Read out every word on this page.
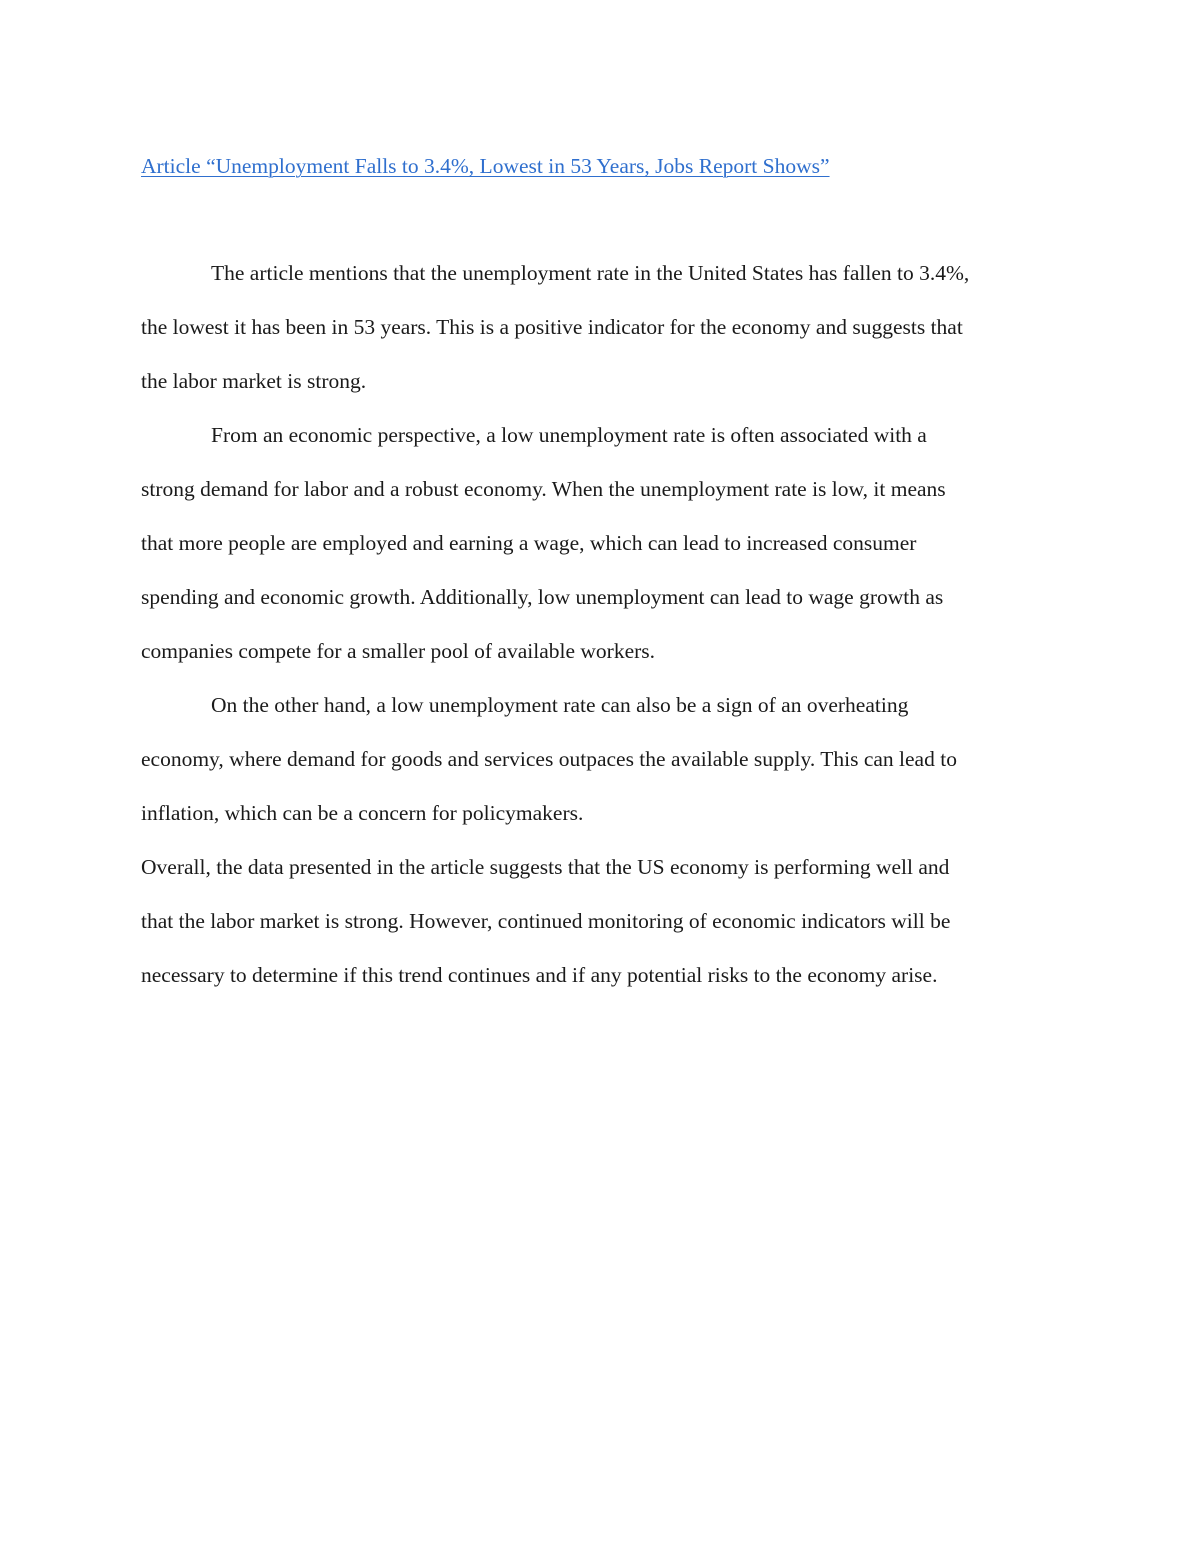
Article “Unemployment Falls to 3.4%, Lowest in 53 Years, Jobs Report Shows”

The article mentions that the unemployment rate in the United States has fallen to 3.4%,
the lowest it has been in 53 years. This is a positive indicator for the economy and suggests that
the labor market is strong.

From an economic perspective, a low unemployment rate is often associated with a
strong demand for labor and a robust economy. When the unemployment rate is low, it means
that more people are employed and earning a wage, which can lead to increased consumer
spending and economic growth. Additionally, low unemployment can lead to wage growth as
companies compete for a smaller pool of available workers.

On the other hand, a low unemployment rate can also be a sign of an overheating
economy, where demand for goods and services outpaces the available supply. This can lead to
inflation, which can be a concern for policymakers.

Overall, the data presented in the article suggests that the US economy is performing well and
that the labor market is strong. However, continued monitoring of economic indicators will be
necessary to determine if this trend continues and if any potential risks to the economy arise.
